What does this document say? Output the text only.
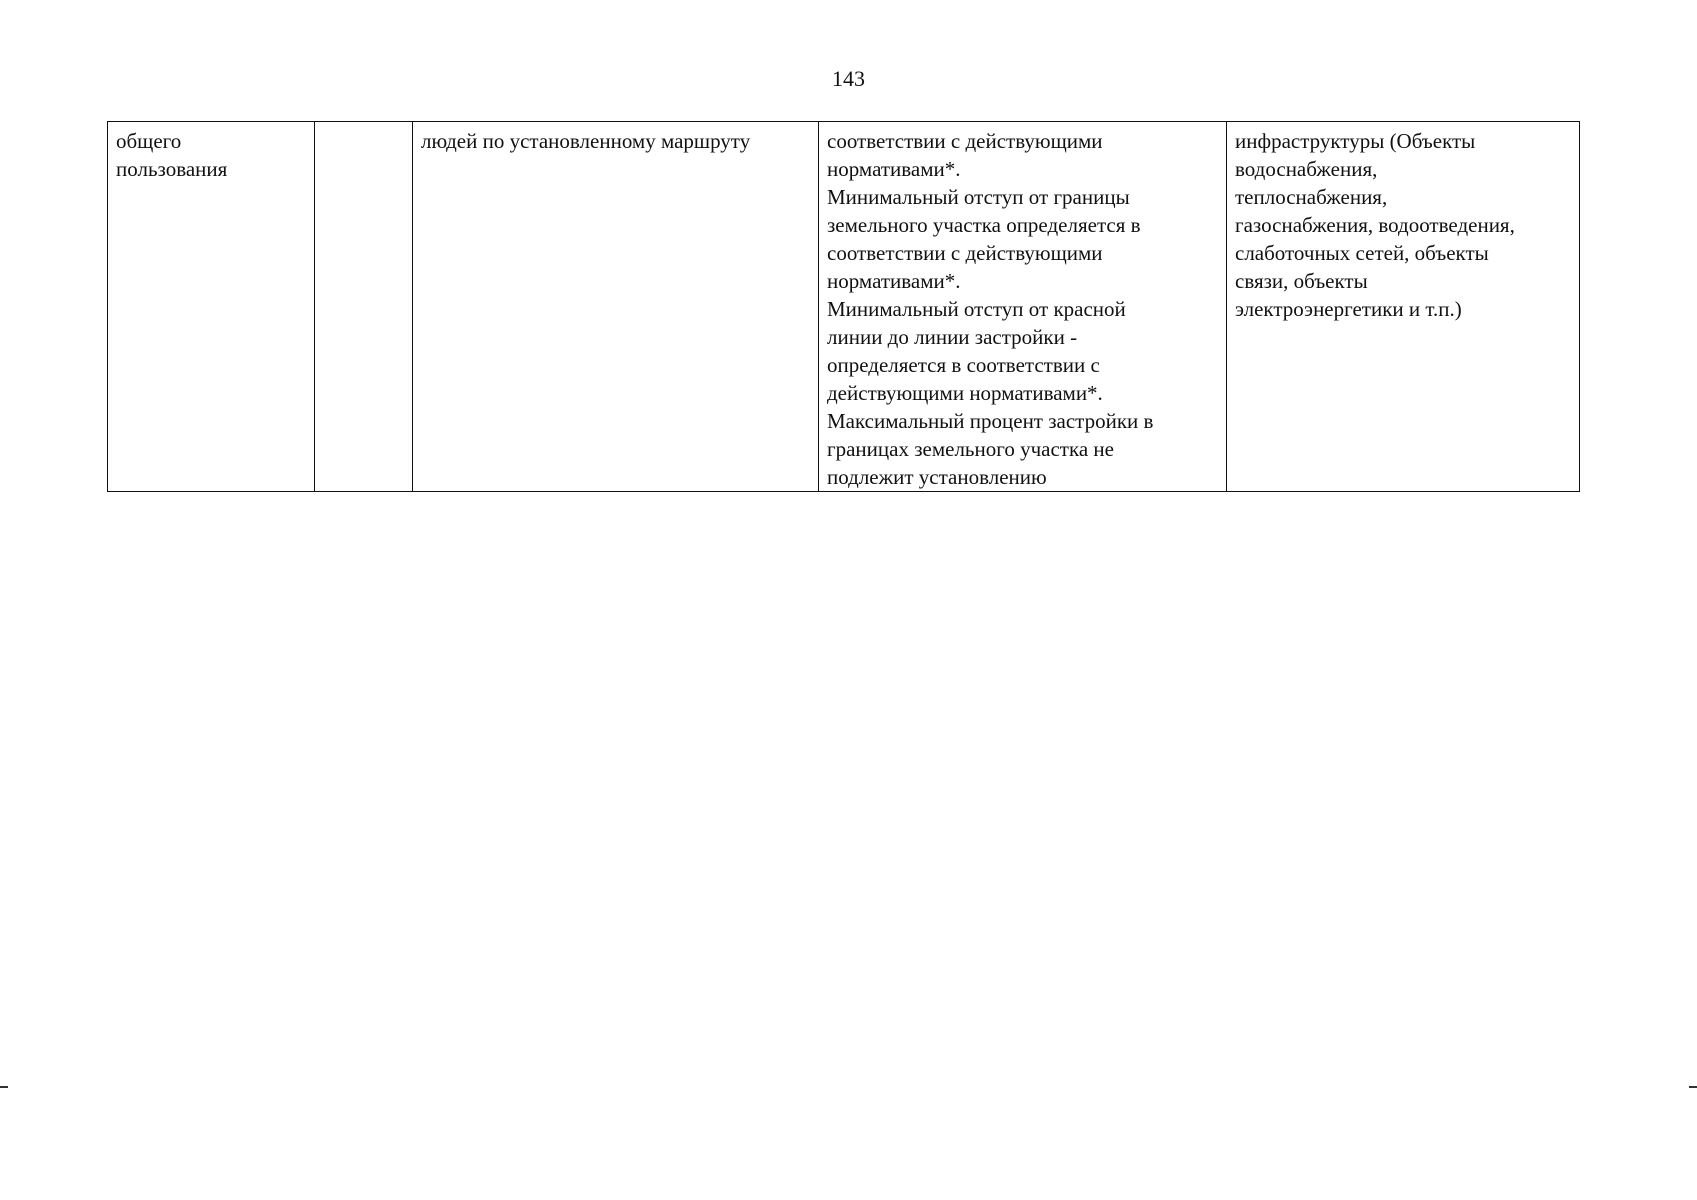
143
общего
пользования		людей по установленному маршруту	соответствии с действующими
нормативами*.
Минимальный отступ от границы
земельного участка определяется в
соответствии с действующими
нормативами*.
Минимальный отступ от красной
линии до линии застройки -
определяется в соответствии с
действующими нормативами*.
Максимальный процент застройки в
границах земельного участка не
подлежит установлению	инфраструктуры (Объекты
водоснабжения,
теплоснабжения,
газоснабжения, водоотведения,
слаботочных сетей, объекты
связи, объекты
электроэнергетики и т.п.)
